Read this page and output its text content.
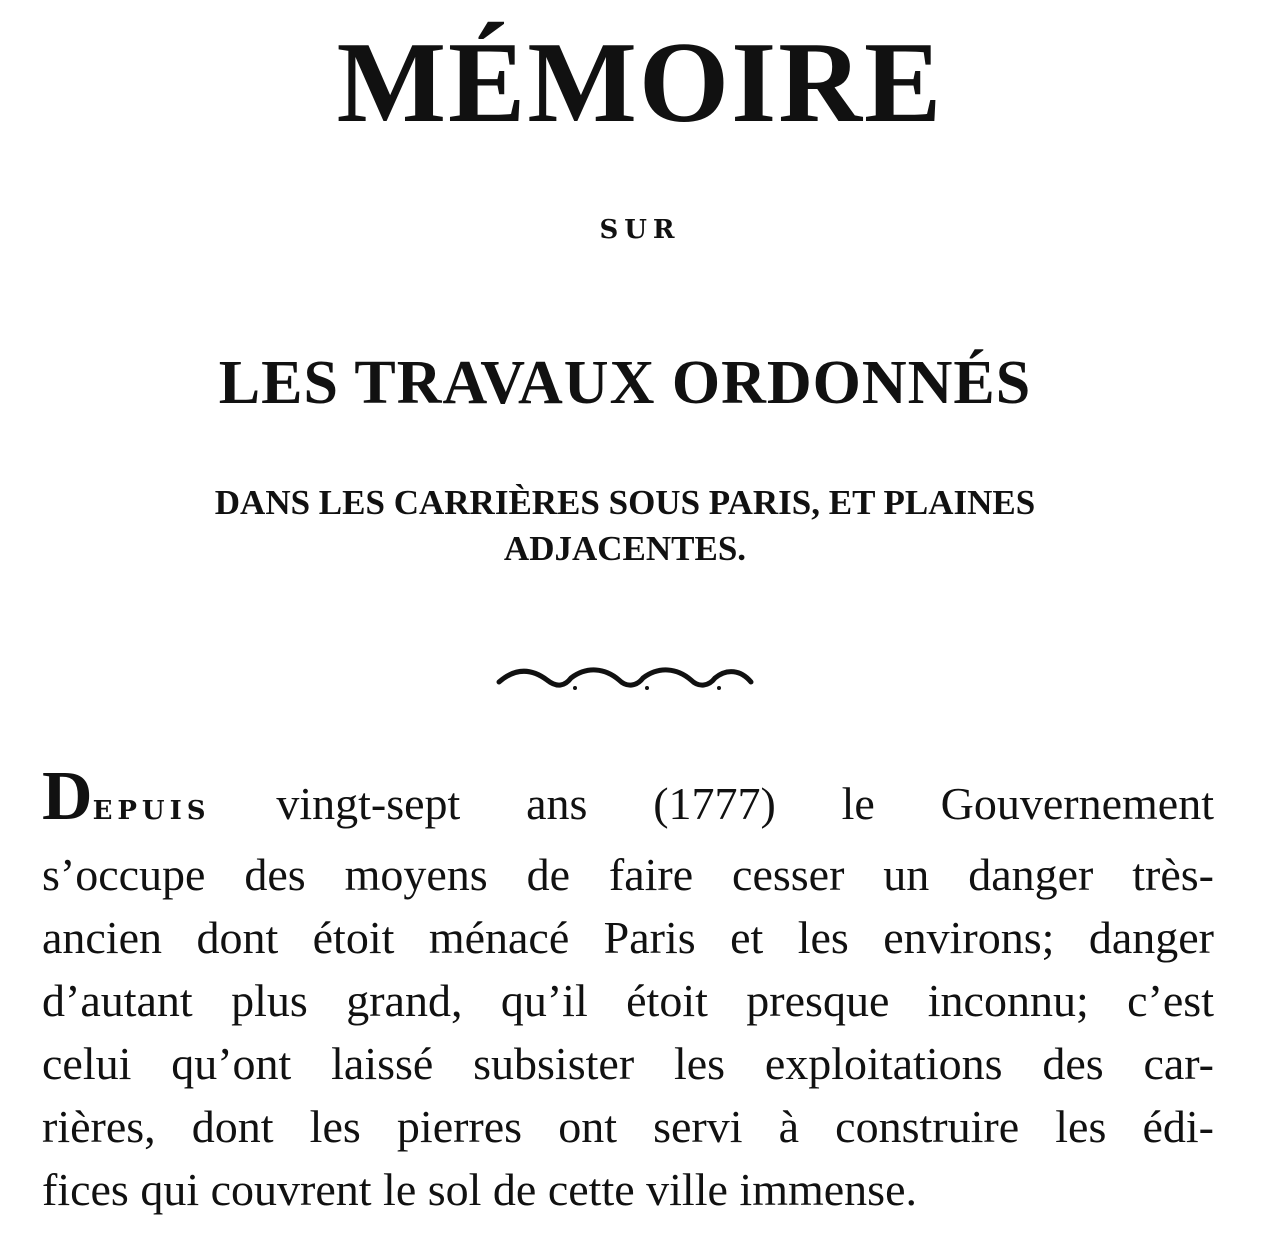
MÉMOIRE
SUR
LES TRAVAUX ORDONNÉS
DANS LES CARRIÈRES SOUS PARIS, ET PLAINES ADJACENTES.
DEPUIS vingt-sept ans (1777) le Gouvernement
s’occupe des moyens de faire cesser un danger très-
ancien dont étoit ménacé Paris et les environs; danger
d’autant plus grand, qu’il étoit presque inconnu; c’est
celui qu’ont laissé subsister les exploitations des car-
rières, dont les pierres ont servi à construire les édi-
fices qui couvrent le sol de cette ville immense.
